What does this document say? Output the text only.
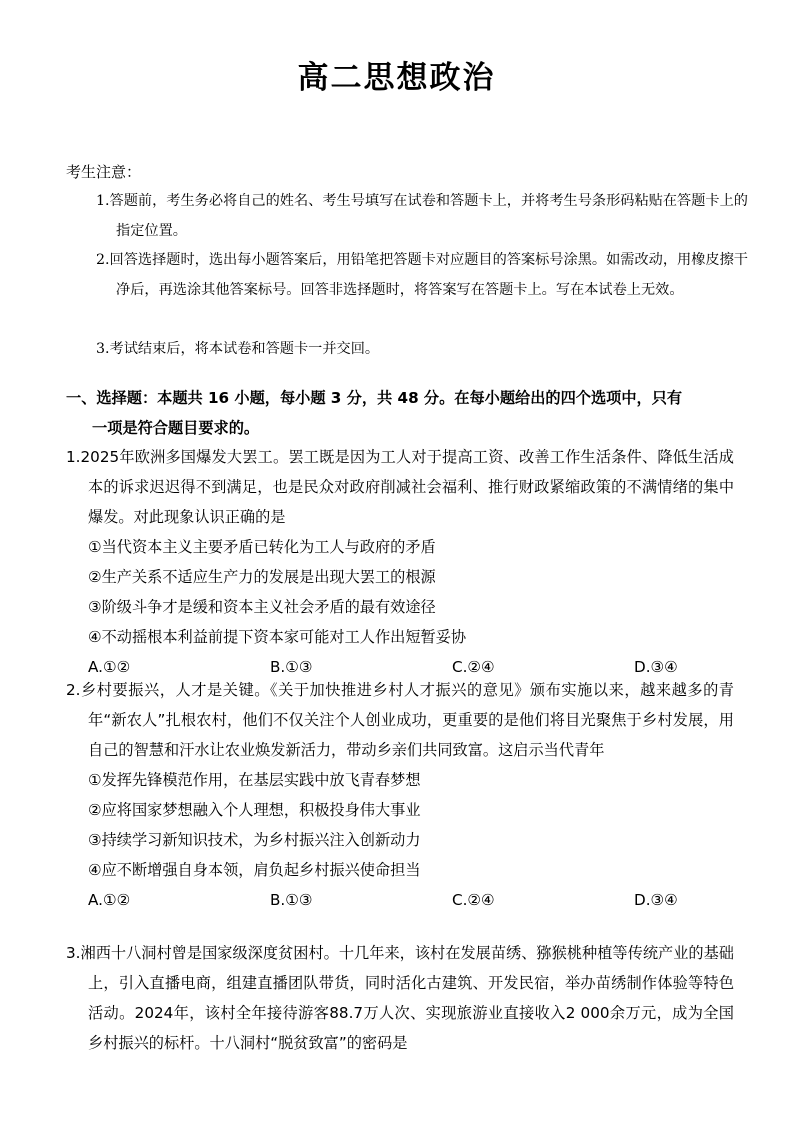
高二思想政治
考生注意：
1.答题前，考生务必将自己的姓名、考生号填写在试卷和答题卡上，并将考生号条形码粘贴在答题卡上的指定位置。
2.回答选择题时，选出每小题答案后，用铅笔把答题卡对应题目的答案标号涂黑。如需改动，用橡皮擦干净后，再选涂其他答案标号。回答非选择题时，将答案写在答题卡上。写在本试卷上无效。
3.考试结束后，将本试卷和答题卡一并交回。
一、选择题：本题共 16 小题，每小题 3 分，共 48 分。在每小题给出的四个选项中，只有
一项是符合题目要求的。
1.2025年欧洲多国爆发大罢工。罢工既是因为工人对于提高工资、改善工作生活条件、降低生活成本的诉求迟迟得不到满足，也是民众对政府削减社会福利、推行财政紧缩政策的不满情绪的集中爆发。对此现象认识正确的是
①当代资本主义主要矛盾已转化为工人与政府的矛盾
②生产关系不适应生产力的发展是出现大罢工的根源
③阶级斗争才是缓和资本主义社会矛盾的最有效途径
④不动摇根本利益前提下资本家可能对工人作出短暂妥协
A.①②	B.①③	C.②④	D.③④
2.乡村要振兴，人才是关键。《关于加快推进乡村人才振兴的意见》颁布实施以来，越来越多的青年“新农人”扎根农村，他们不仅关注个人创业成功，更重要的是他们将目光聚焦于乡村发展，用自己的智慧和汗水让农业焕发新活力，带动乡亲们共同致富。这启示当代青年
①发挥先锋模范作用，在基层实践中放飞青春梦想
②应将国家梦想融入个人理想，积极投身伟大事业
③持续学习新知识技术，为乡村振兴注入创新动力
④应不断增强自身本领，肩负起乡村振兴使命担当
A.①②	B.①③	C.②④	D.③④
3.湘西十八洞村曾是国家级深度贫困村。十几年来，该村在发展苗绣、猕猴桃种植等传统产业的基础上，引入直播电商，组建直播团队带货，同时活化古建筑、开发民宿，举办苗绣制作体验等特色活动。2024年，该村全年接待游客88.7万人次、实现旅游业直接收入2 000余万元，成为全国乡村振兴的标杆。十八洞村“脱贫致富”的密码是
